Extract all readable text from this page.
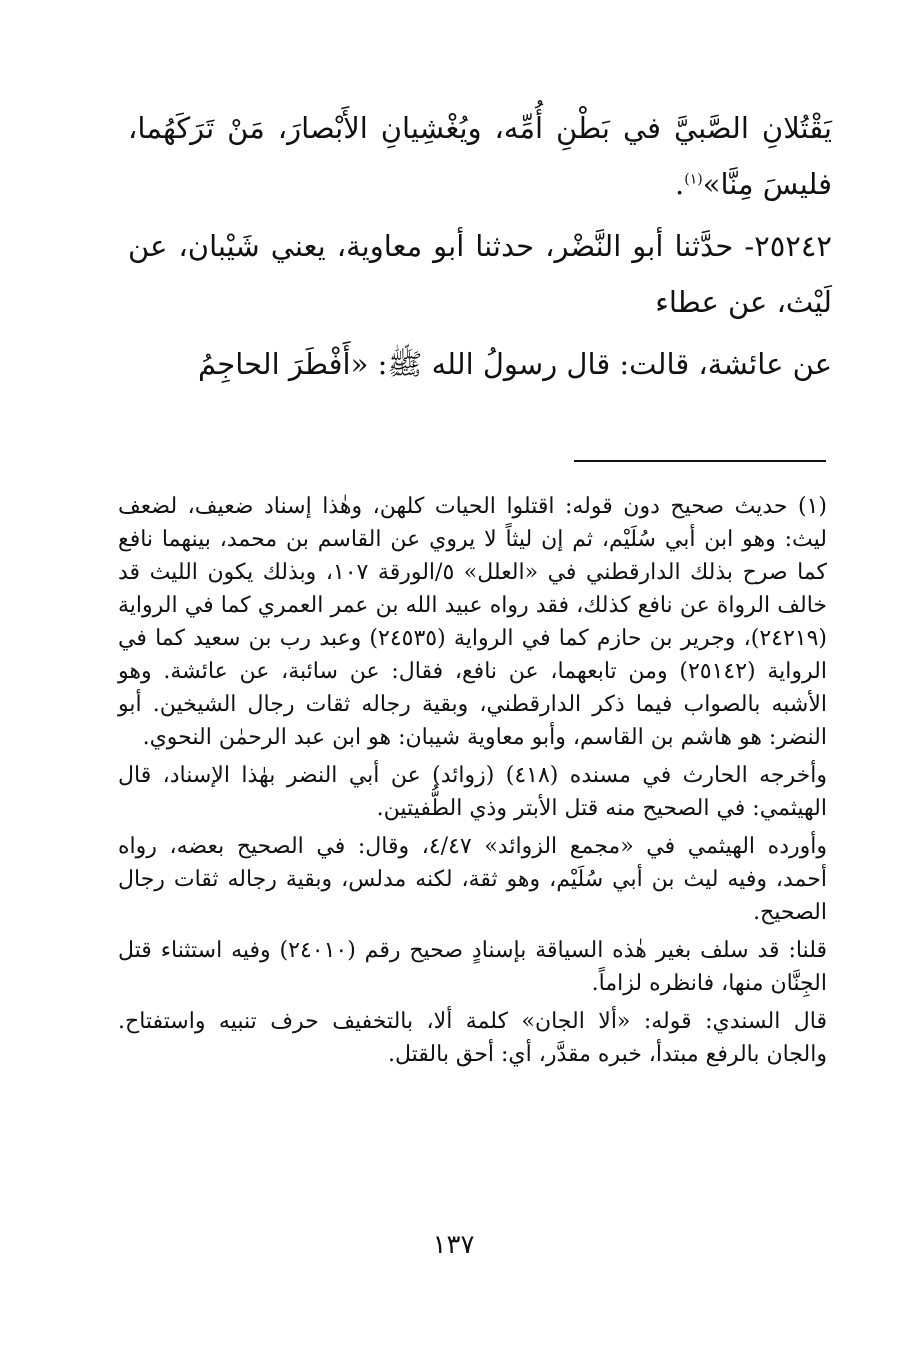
يَقْتُلانِ الصَّبيَّ في بَطْنِ أُمِّه، ويُغْشِيانِ الأَبْصارَ، مَنْ تَرَكَهُما، فليسَ مِنَّا»$^{(١)}$.

٢٥٢٤٢- حدَّثنا أبو النَّضْر، حدثنا أبو معاوية، يعني شَيْبان، عن لَيْث، عن عطاء

عن عائشة، قالت: قال رسولُ الله ﷺ: «أَفْطَرَ الحاجِمُ

(١) حديث صحيح دون قوله: اقتلوا الحيات كلهن، وهٰذا إسناد ضعيف، لضعف ليث: وهو ابن أبي سُلَيْم، ثم إن ليثاً لا يروي عن القاسم بن محمد، بينهما نافع كما صرح بذلك الدارقطني في «العلل» ٥/الورقة ١٠٧، وبذلك يكون الليث قد خالف الرواة عن نافع كذلك، فقد رواه عبيد الله بن عمر العمري كما في الرواية (٢٤٢١٩)، وجرير بن حازم كما في الرواية (٢٤٥٣٥) وعبد رب بن سعيد كما في الرواية (٢٥١٤٢) ومن تابعهما، عن نافع، فقال: عن سائبة، عن عائشة. وهو الأشبه بالصواب فيما ذكر الدارقطني، وبقية رجاله ثقات رجال الشيخين. أبو النضر: هو هاشم بن القاسم، وأبو معاوية شيبان: هو ابن عبد الرحمٰن النحوي.

وأخرجه الحارث في مسنده (٤١٨) (زوائد) عن أبي النضر بهٰذا الإسناد، قال الهيثمي: في الصحيح منه قتل الأبتر وذي الطُّفيتين.

وأورده الهيثمي في «مجمع الزوائد» ٤/٤٧، وقال: في الصحيح بعضه، رواه أحمد، وفيه ليث بن أبي سُلَيْم، وهو ثقة، لكنه مدلس، وبقية رجاله ثقات رجال الصحيح.

قلنا: قد سلف بغير هٰذه السياقة بإسنادٍ صحيح رقم (٢٤٠١٠) وفيه استثناء قتل الجِنَّان منها، فانظره لزاماً.

قال السندي: قوله: «ألا الجان» كلمة ألا، بالتخفيف حرف تنبيه واستفتاح. والجان بالرفع مبتدأ، خبره مقدَّر، أي: أحق بالقتل.

١٣٧
